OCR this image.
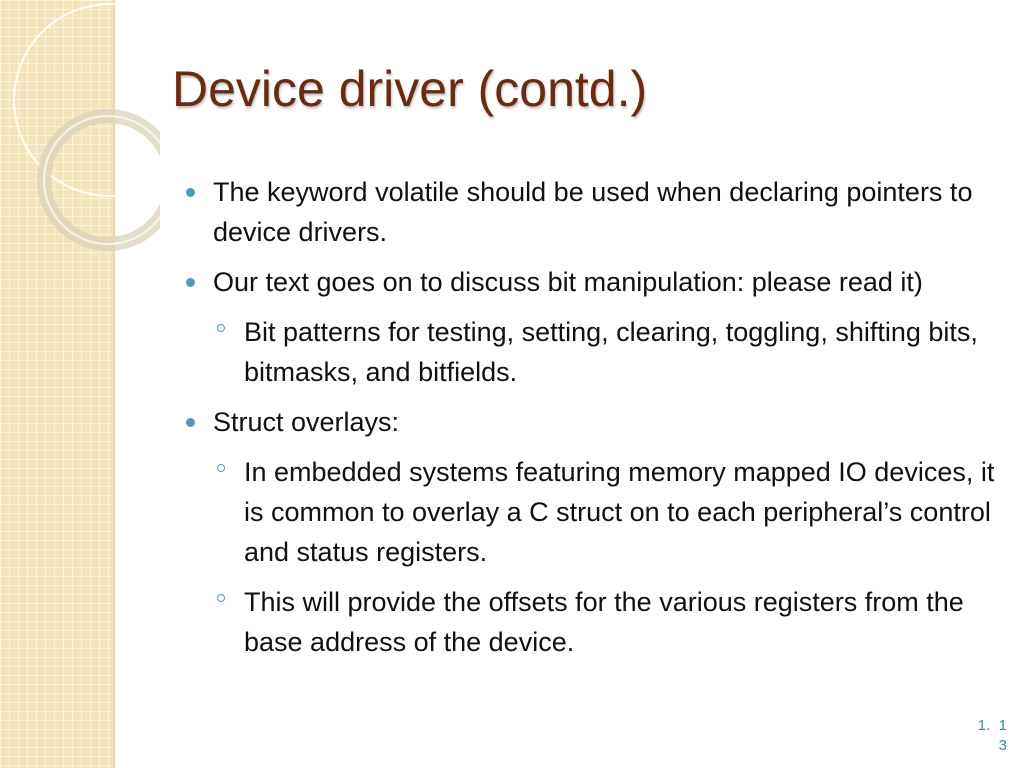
Device driver (contd.)
The keyword volatile should be used when declaring pointers to device drivers.
Our text goes on to discuss bit manipulation: please read it)
Bit patterns for testing, setting, clearing, toggling, shifting bits, bitmasks, and bitfields.
Struct overlays:
In embedded systems featuring memory mapped IO devices, it is common to overlay a C struct on to each peripheral’s control and status registers.
This will provide the offsets for the various registers from the base address of the device.
1. 1
3
